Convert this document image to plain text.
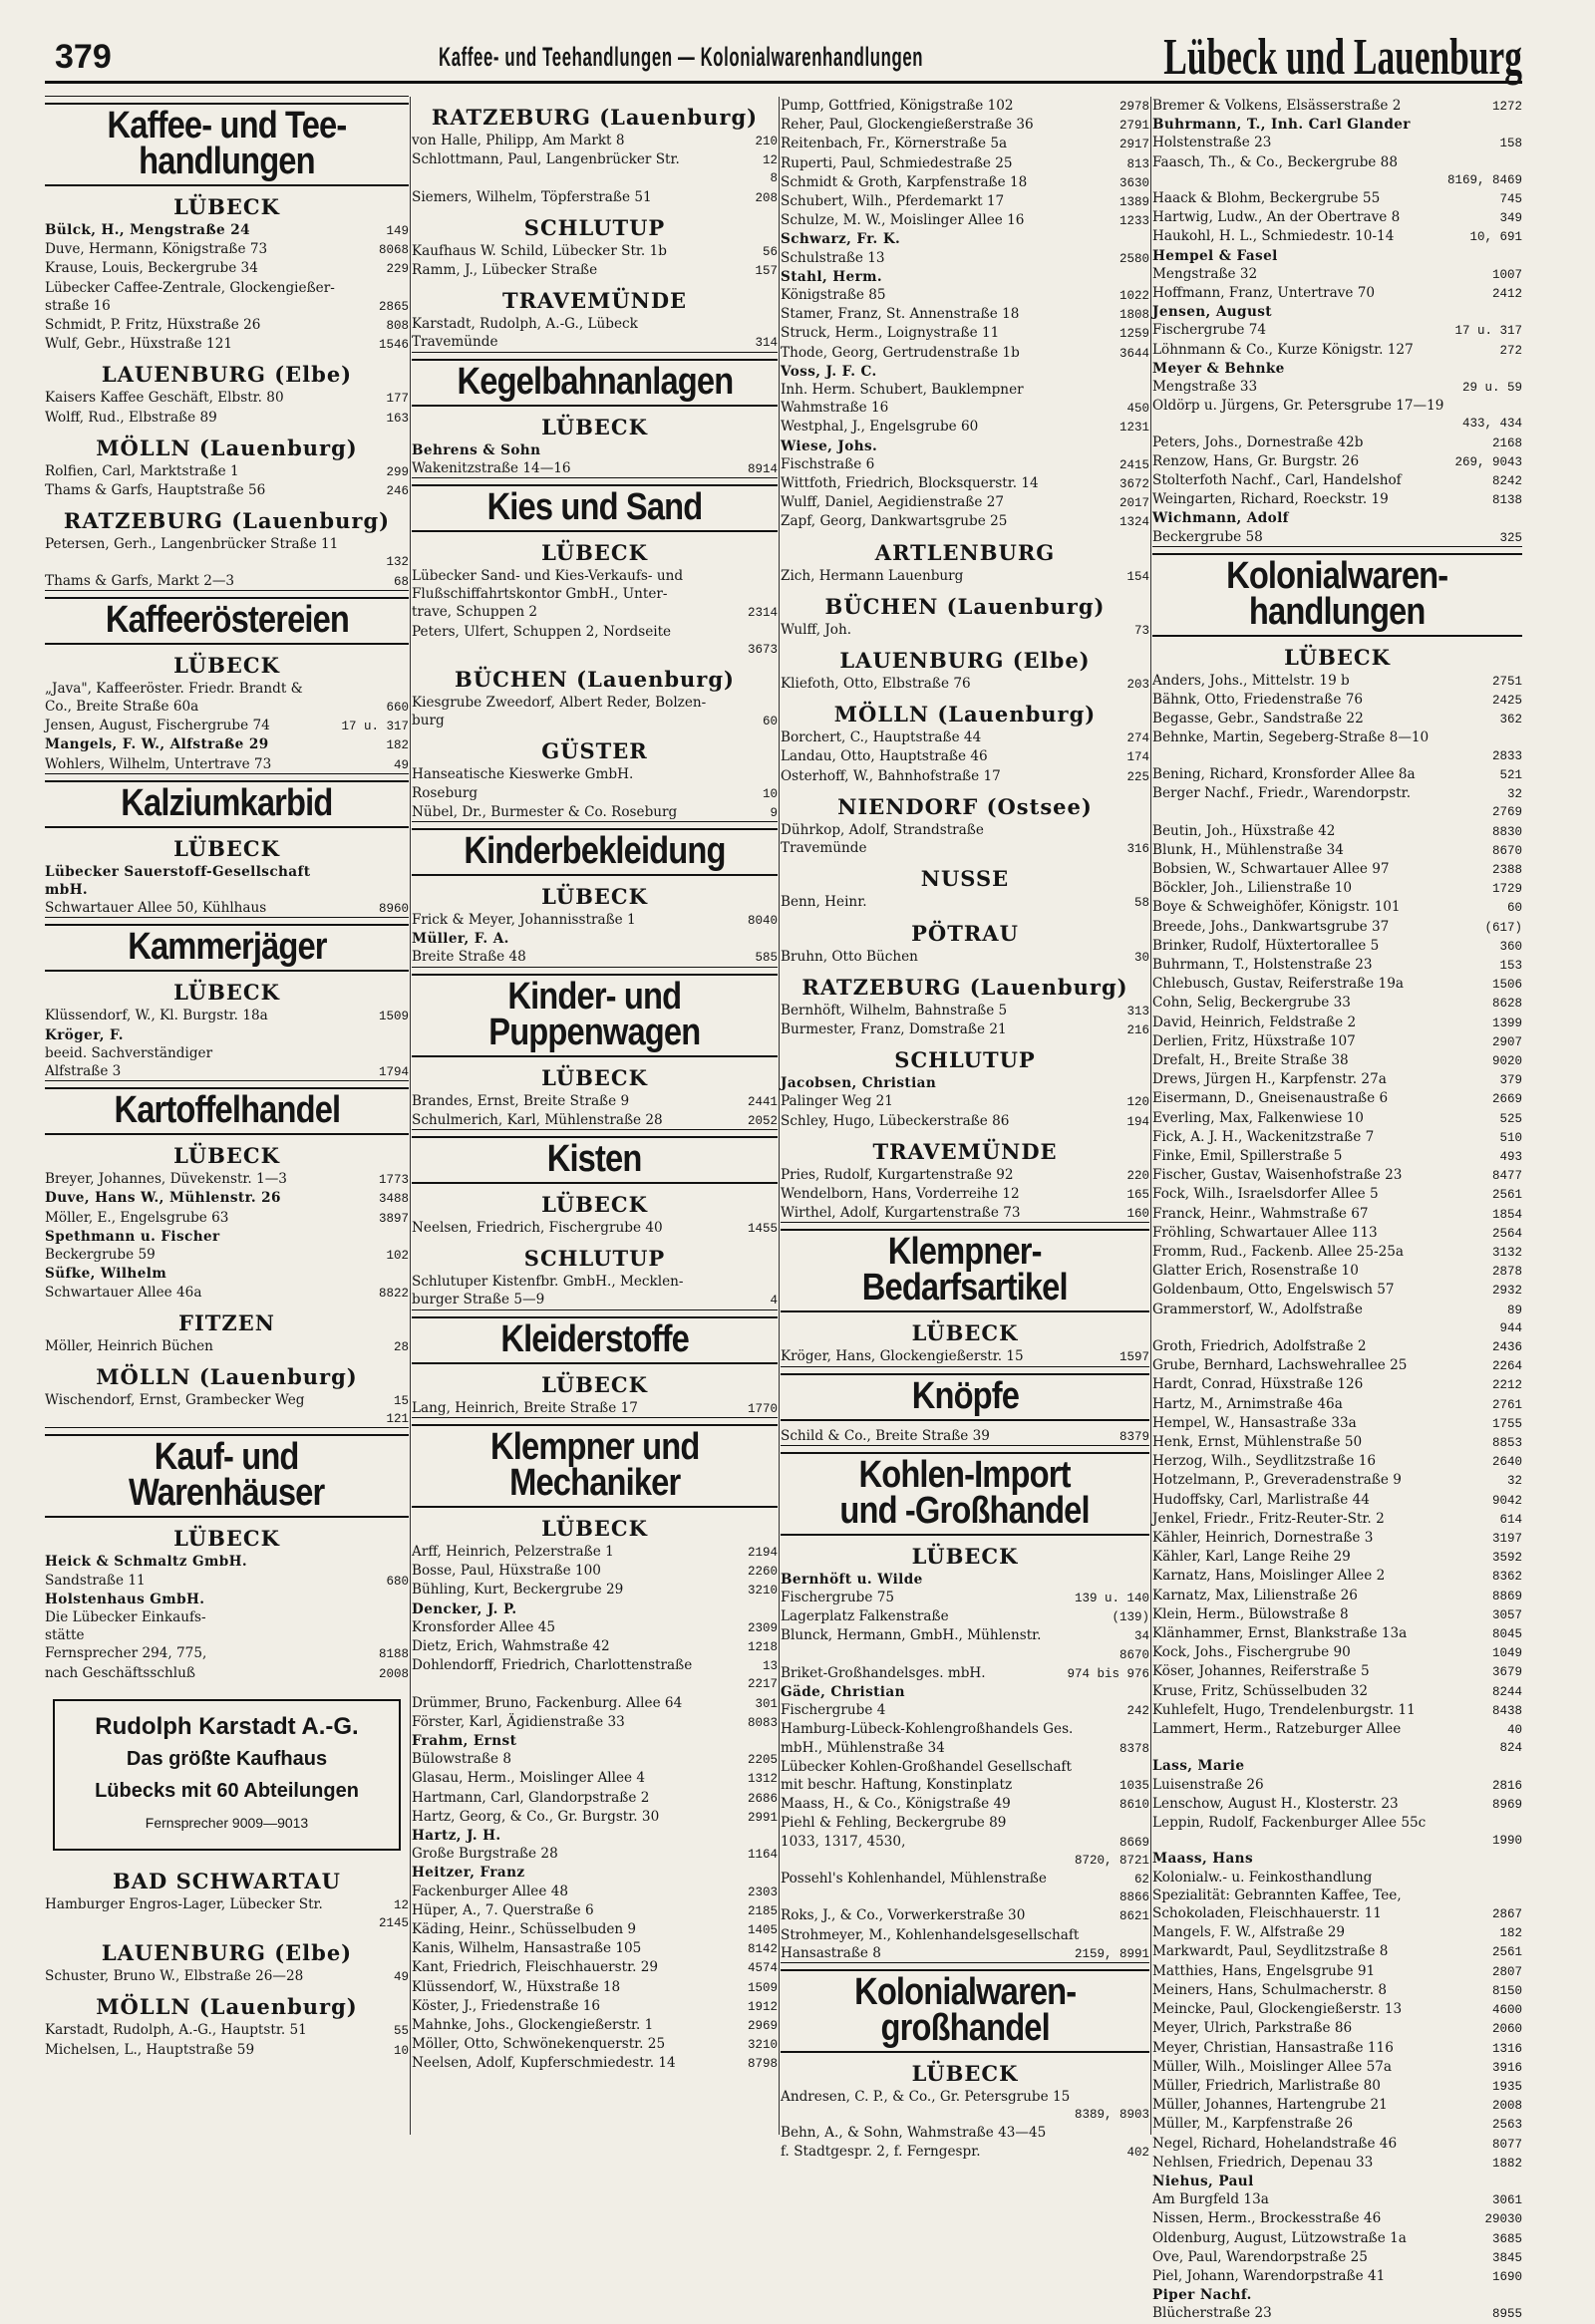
379	Kaffee- und Teehandlungen — Kolonialwarenhandlungen	Lübeck und Lauenburg
Kaffee- und Tee-
handlungen
LÜBECK
Bülck, H., Mengstraße 24	149
Duve, Hermann, Königstraße 73	8068
Krause, Louis, Beckergrube 34	229
Lübecker Caffee-Zentrale, Glockengießer-
straße 16	2865
Schmidt, P. Fritz, Hüxstraße 26	808
Wulf, Gebr., Hüxstraße 121	1546
LAUENBURG (Elbe)
Kaisers Kaffee Geschäft, Elbstr. 80	177
Wolff, Rud., Elbstraße 89	163
MÖLLN (Lauenburg)
Rolfien, Carl, Marktstraße 1	299
Thams & Garfs, Hauptstraße 56	246
RATZEBURG (Lauenburg)
Petersen, Gerh., Langenbrücker Straße 11
132
Thams & Garfs, Markt 2—3	68
Kaffeeröstereien
LÜBECK
„Java", Kaffeeröster. Friedr. Brandt &
Co., Breite Straße 60a	660
Jensen, August, Fischergrube 74	17 u. 317
Mangels, F. W., Alfstraße 29	182
Wohlers, Wilhelm, Untertrave 73	49
Kalziumkarbid
LÜBECK
Lübecker Sauerstoff-Gesellschaft
mbH.
Schwartauer Allee 50, Kühlhaus	8960
Kammerjäger
LÜBECK
Klüssendorf, W., Kl. Burgstr. 18a	1509
Kröger, F.
beeid. Sachverständiger
Alfstraße 3	1794
Kartoffelhandel
LÜBECK
Breyer, Johannes, Düvekenstr. 1—3	1773
Duve, Hans W., Mühlenstr. 26	3488
Möller, E., Engelsgrube 63	3897
Spethmann u. Fischer
Beckergrube 59	102
Süfke, Wilhelm
Schwartauer Allee 46a	8822
FITZEN
Möller, Heinrich Büchen	28
MÖLLN (Lauenburg)
Wischendorf, Ernst, Grambecker Weg	15
121
Kauf- und
Warenhäuser
LÜBECK
Heick & Schmaltz GmbH.
Sandstraße 11	680
Holstenhaus GmbH.
Die Lübecker Einkaufs-
stätte
Fernsprecher 294, 775,	8188
nach Geschäftsschluß	2008
Rudolph Karstadt A.-G.
Das größte Kaufhaus
Lübecks mit 60 Abteilungen
Fernsprecher 9009—9013
BAD SCHWARTAU
Hamburger Engros-Lager, Lübecker Str.	12
2145
LAUENBURG (Elbe)
Schuster, Bruno W., Elbstraße 26—28	49
MÖLLN (Lauenburg)
Karstadt, Rudolph, A.-G., Hauptstr. 51	55
Michelsen, L., Hauptstraße 59	10
RATZEBURG (Lauenburg)
von Halle, Philipp, Am Markt 8	210
Schlottmann, Paul, Langenbrücker Str.	12
8
Siemers, Wilhelm, Töpferstraße 51	208
SCHLUTUP
Kaufhaus W. Schild, Lübecker Str. 1b	56
Ramm, J., Lübecker Straße	157
TRAVEMÜNDE
Karstadt, Rudolph, A.-G., Lübeck
Travemünde	314
Kegelbahnanlagen
LÜBECK
Behrens & Sohn
Wakenitzstraße 14—16	8914
Kies und Sand
LÜBECK
Lübecker Sand- und Kies-Verkaufs- und
Flußschiffahrtskontor GmbH., Unter-
trave, Schuppen 2	2314
Peters, Ulfert, Schuppen 2, Nordseite
3673
BÜCHEN (Lauenburg)
Kiesgrube Zweedorf, Albert Reder, Bolzen-
burg	60
GÜSTER
Hanseatische Kieswerke GmbH.
Roseburg	10
Nübel, Dr., Burmester & Co. Roseburg	9
Kinderbekleidung
LÜBECK
Frick & Meyer, Johannisstraße 1	8040
Müller, F. A.
Breite Straße 48	585
Kinder- und
Puppenwagen
LÜBECK
Brandes, Ernst, Breite Straße 9	2441
Schulmerich, Karl, Mühlenstraße 28	2052
Kisten
LÜBECK
Neelsen, Friedrich, Fischergrube 40	1455
SCHLUTUP
Schlutuper Kistenfbr. GmbH., Mecklen-
burger Straße 5—9	4
Kleiderstoffe
LÜBECK
Lang, Heinrich, Breite Straße 17	1770
Klempner und
Mechaniker
LÜBECK
Arff, Heinrich, Pelzerstraße 1	2194
Bosse, Paul, Hüxstraße 100	2260
Bühling, Kurt, Beckergrube 29	3210
Dencker, J. P.
Kronsforder Allee 45	2309
Dietz, Erich, Wahmstraße 42	1218
Dohlendorff, Friedrich, Charlottenstraße	13
2217
Drümmer, Bruno, Fackenburg. Allee 64	301
Förster, Karl, Ägidienstraße 33	8083
Frahm, Ernst
Bülowstraße 8	2205
Glasau, Herm., Moislinger Allee 4	1312
Hartmann, Carl, Glandorpstraße 2	2686
Hartz, Georg, & Co., Gr. Burgstr. 30	2991
Hartz, J. H.
Große Burgstraße 28	1164
Heitzer, Franz
Fackenburger Allee 48	2303
Hüper, A., 7. Querstraße 6	2185
Käding, Heinr., Schüsselbuden 9	1405
Kanis, Wilhelm, Hansastraße 105	8142
Kant, Friedrich, Fleischhauerstr. 29	4574
Klüssendorf, W., Hüxstraße 18	1509
Köster, J., Friedenstraße 16	1912
Mahnke, Johs., Glockengießerstr. 1	2969
Möller, Otto, Schwönekenquerstr. 25	3210
Neelsen, Adolf, Kupferschmiedestr. 14	8798
Pump, Gottfried, Königstraße 102	2978
Reher, Paul, Glockengießerstraße 36	2791
Reitenbach, Fr., Körnerstraße 5a	2917
Ruperti, Paul, Schmiedestraße 25	813
Schmidt & Groth, Karpfenstraße 18	3630
Schubert, Wilh., Pferdemarkt 17	1389
Schulze, M. W., Moislinger Allee 16	1233
Schwarz, Fr. K.
Schulstraße 13	2580
Stahl, Herm.
Königstraße 85	1022
Stamer, Franz, St. Annenstraße 18	1808
Struck, Herm., Loignystraße 11	1259
Thode, Georg, Gertrudenstraße 1b	3644
Voss, J. F. C.
Inh. Herm. Schubert, Bauklempner
Wahmstraße 16	450
Westphal, J., Engelsgrube 60	1231
Wiese, Johs.
Fischstraße 6	2415
Wittfoth, Friedrich, Blocksquerstr. 14	3672
Wulff, Daniel, Aegidienstraße 27	2017
Zapf, Georg, Dankwartsgrube 25	1324
ARTLENBURG
Zich, Hermann Lauenburg	154
BÜCHEN (Lauenburg)
Wulff, Joh.	73
LAUENBURG (Elbe)
Kliefoth, Otto, Elbstraße 76	203
MÖLLN (Lauenburg)
Borchert, C., Hauptstraße 44	274
Landau, Otto, Hauptstraße 46	174
Osterhoff, W., Bahnhofstraße 17	225
NIENDORF (Ostsee)
Dührkop, Adolf, Strandstraße
Travemünde	316
NUSSE
Benn, Heinr.	58
PÖTRAU
Bruhn, Otto Büchen	30
RATZEBURG (Lauenburg)
Bernhöft, Wilhelm, Bahnstraße 5	313
Burmester, Franz, Domstraße 21	216
SCHLUTUP
Jacobsen, Christian
Palinger Weg 21	120
Schley, Hugo, Lübeckerstraße 86	194
TRAVEMÜNDE
Pries, Rudolf, Kurgartenstraße 92	220
Wendelborn, Hans, Vorderreihe 12	165
Wirthel, Adolf, Kurgartenstraße 73	160
Klempner-
Bedarfsartikel
LÜBECK
Kröger, Hans, Glockengießerstr. 15	1597
Knöpfe
Schild & Co., Breite Straße 39	8379
Kohlen-Import
und -Großhandel
LÜBECK
Bernhöft u. Wilde
Fischergrube 75	139 u. 140
Lagerplatz Falkenstraße	(139)
Blunck, Hermann, GmbH., Mühlenstr.	34
8670
Briket-Großhandelsges. mbH.	974 bis 976
Gäde, Christian
Fischergrube 4	242
Hamburg-Lübeck-Kohlengroßhandels Ges.
mbH., Mühlenstraße 34	8378
Lübecker Kohlen-Großhandel Gesellschaft
mit beschr. Haftung, Konstinplatz	1035
Maass, H., & Co., Königstraße 49	8610
Piehl & Fehling, Beckergrube 89
1033, 1317, 4530,	8669
8720, 8721
Possehl's Kohlenhandel, Mühlenstraße	62
8866
Roks, J., & Co., Vorwerkerstraße 30	8621
Strohmeyer, M., Kohlenhandelsgesellschaft
Hansastraße 8	2159, 8991
Kolonialwaren-
großhandel
LÜBECK
Andresen, C. P., & Co., Gr. Petersgrube 15
8389, 8903
Behn, A., & Sohn, Wahmstraße 43—45
f. Stadtgespr. 2, f. Ferngespr.	402
Bremer & Volkens, Elsässerstraße 2	1272
Buhrmann, T., Inh. Carl Glander
Holstenstraße 23	158
Faasch, Th., & Co., Beckergrube 88
8169, 8469
Haack & Blohm, Beckergrube 55	745
Hartwig, Ludw., An der Obertrave 8	349
Haukohl, H. L., Schmiedestr. 10-14	10, 691
Hempel & Fasel
Mengstraße 32	1007
Hoffmann, Franz, Untertrave 70	2412
Jensen, August
Fischergrube 74	17 u. 317
Löhnmann & Co., Kurze Königstr. 127	272
Meyer & Behnke
Mengstraße 33	29 u. 59
Oldörp u. Jürgens, Gr. Petersgrube 17—19
433, 434
Peters, Johs., Dornestraße 42b	2168
Renzow, Hans, Gr. Burgstr. 26	269, 9043
Stolterfoth Nachf., Carl, Handelshof	8242
Weingarten, Richard, Roeckstr. 19	8138
Wichmann, Adolf
Beckergrube 58	325
Kolonialwaren-
handlungen
LÜBECK
Anders, Johs., Mittelstr. 19 b	2751
Bähnk, Otto, Friedenstraße 76	2425
Begasse, Gebr., Sandstraße 22	362
Behnke, Martin, Segeberg-Straße 8—10
2833
Bening, Richard, Kronsforder Allee 8a	521
Berger Nachf., Friedr., Warendorpstr.	32
2769
Beutin, Joh., Hüxstraße 42	8830
Blunk, H., Mühlenstraße 34	8670
Bobsien, W., Schwartauer Allee 97	2388
Böckler, Joh., Lilienstraße 10	1729
Boye & Schweighöfer, Königstr. 101	60
Breede, Johs., Dankwartsgrube 37	(617)
Brinker, Rudolf, Hüxtertorallee 5	360
Buhrmann, T., Holstenstraße 23	153
Chlebusch, Gustav, Reiferstraße 19a	1506
Cohn, Selig, Beckergrube 33	8628
David, Heinrich, Feldstraße 2	1399
Derlien, Fritz, Hüxstraße 107	2907
Drefalt, H., Breite Straße 38	9020
Drews, Jürgen H., Karpfenstr. 27a	379
Eisermann, D., Gneisenaustraße 6	2669
Everling, Max, Falkenwiese 10	525
Fick, A. J. H., Wackenitzstraße 7	510
Finke, Emil, Spillerstraße 5	493
Fischer, Gustav, Waisenhofstraße 23	8477
Fock, Wilh., Israelsdorfer Allee 5	2561
Franck, Heinr., Wahmstraße 67	1854
Fröhling, Schwartauer Allee 113	2564
Fromm, Rud., Fackenb. Allee 25-25a	3132
Glatter Erich, Rosenstraße 10	2878
Goldenbaum, Otto, Engelswisch 57	2932
Grammerstorf, W., Adolfstraße	89
944
Groth, Friedrich, Adolfstraße 2	2436
Grube, Bernhard, Lachswehrallee 25	2264
Hardt, Conrad, Hüxstraße 126	2212
Hartz, M., Arnimstraße 46a	2761
Hempel, W., Hansastraße 33a	1755
Henk, Ernst, Mühlenstraße 50	8853
Herzog, Wilh., Seydlitzstraße 16	2640
Hotzelmann, P., Greveradenstraße 9	32
Hudoffsky, Carl, Marlistraße 44	9042
Jenkel, Friedr., Fritz-Reuter-Str. 2	614
Kähler, Heinrich, Dornestraße 3	3197
Kähler, Karl, Lange Reihe 29	3592
Karnatz, Hans, Moislinger Allee 2	8362
Karnatz, Max, Lilienstraße 26	8869
Klein, Herm., Bülowstraße 8	3057
Klänhammer, Ernst, Blankstraße 13a	8045
Kock, Johs., Fischergrube 90	1049
Köser, Johannes, Reiferstraße 5	3679
Kruse, Fritz, Schüsselbuden 32	8244
Kuhlefelt, Hugo, Trendelenburgstr. 11	8438
Lammert, Herm., Ratzeburger Allee	40
824
Lass, Marie
Luisenstraße 26	2816
Lenschow, August H., Klosterstr. 23	8969
Leppin, Rudolf, Fackenburger Allee 55c
1990
Maass, Hans
Kolonialw.- u. Feinkosthandlung
Spezialität: Gebrannten Kaffee, Tee,
Schokoladen, Fleischhauerstr. 11	2867
Mangels, F. W., Alfstraße 29	182
Markwardt, Paul, Seydlitzstraße 8	2561
Matthies, Hans, Engelsgrube 91	2807
Meiners, Hans, Schulmacherstr. 8	8150
Meincke, Paul, Glockengießerstr. 13	4600
Meyer, Ulrich, Parkstraße 86	2060
Meyer, Christian, Hansastraße 116	1316
Müller, Wilh., Moislinger Allee 57a	3916
Müller, Friedrich, Marlistraße 80	1935
Müller, Johannes, Hartengrube 21	2008
Müller, M., Karpfenstraße 26	2563
Negel, Richard, Hohelandstraße 46	8077
Nehlsen, Friedrich, Depenau 33	1882
Niehus, Paul
Am Burgfeld 13a	3061
Nissen, Herm., Brockesstraße 46	29030
Oldenburg, August, Lützowstraße 1a	3685
Ove, Paul, Warendorpstraße 25	3845
Piel, Johann, Warendorpstraße 41	1690
Piper Nachf.
Blücherstraße 23	8955
